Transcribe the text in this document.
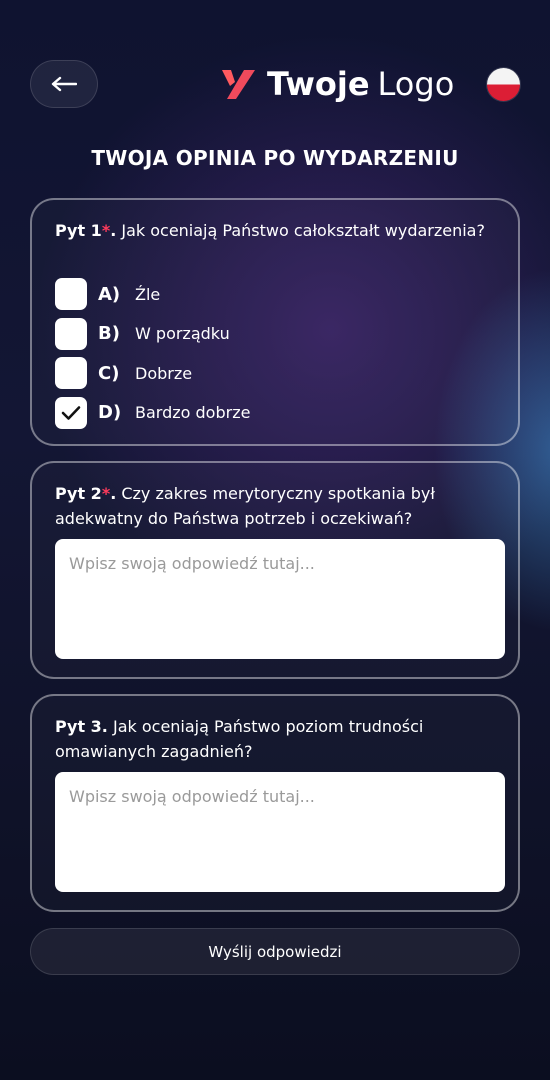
Twoje Logo
TWOJA OPINIA PO WYDARZENIU

Pyt 1*. Jak oceniają Państwo całokształt wydarzenia?

A) Źle
B) W porządku
C) Dobrze
D) Bardzo dobrze

Pyt 2*. Czy zakres merytoryczny spotkania był adekwatny do Państwa potrzeb i oczekiwań?

Wpisz swoją odpowiedź tutaj...

Pyt 3. Jak oceniają Państwo poziom trudności omawianych zagadnień?

Wpisz swoją odpowiedź tutaj...
Wyślij odpowiedzi
